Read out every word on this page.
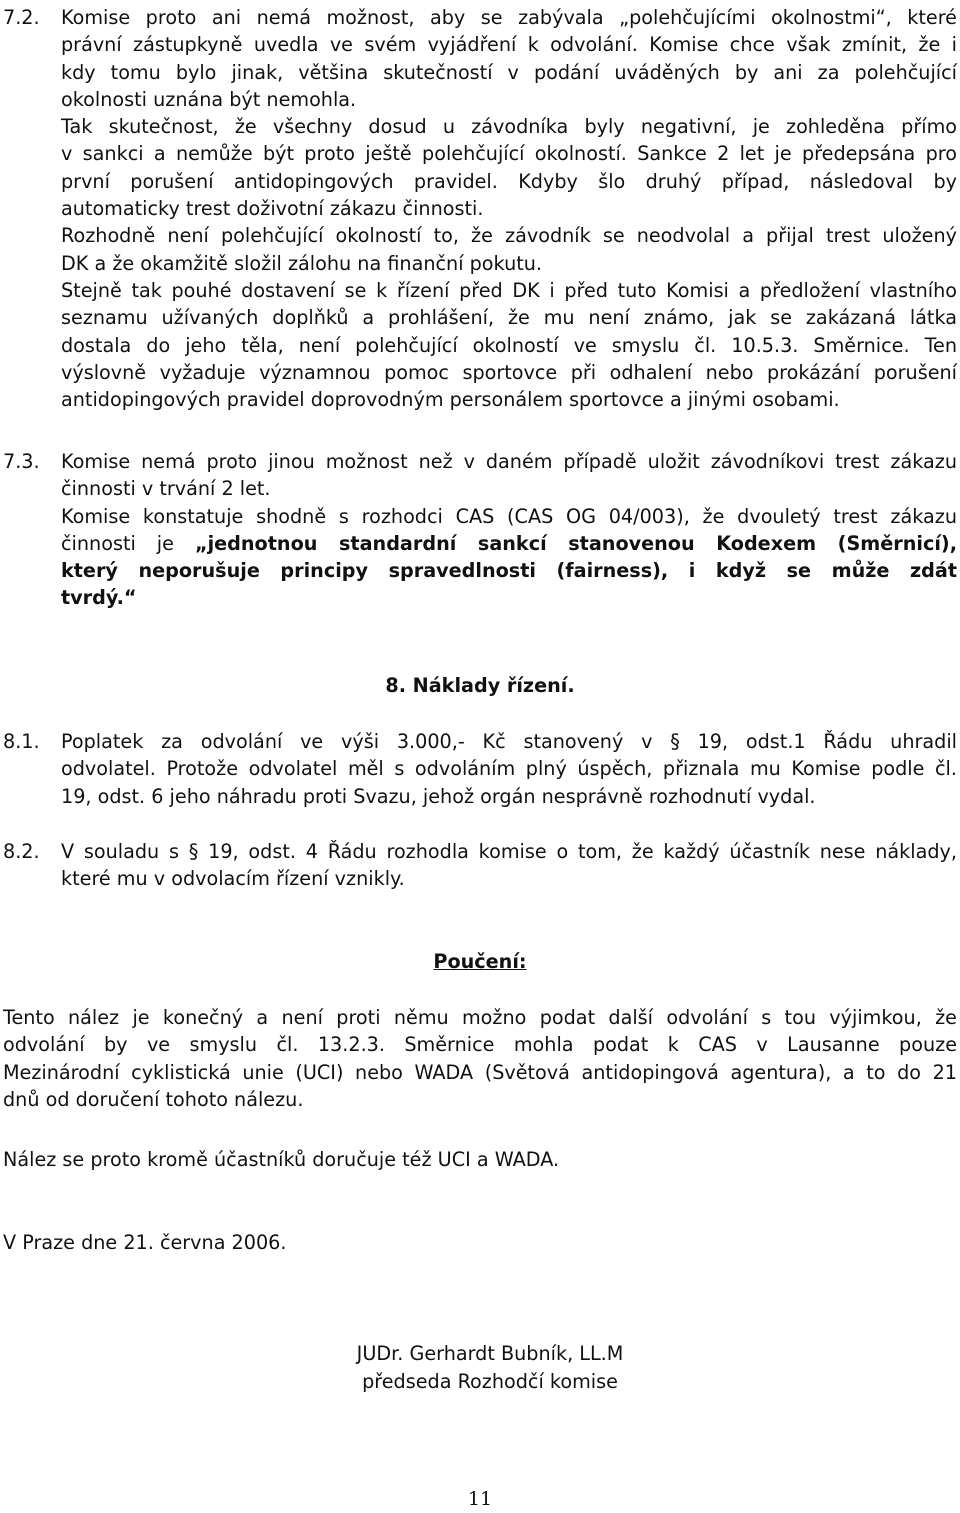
7.2. Komise proto ani nemá možnost, aby se zabývala „polehčujícími okolnostmi“, které
právní zástupkyně uvedla ve svém vyjádření k odvolání. Komise chce však zmínit, že i
kdy tomu bylo jinak, většina skutečností v podání uváděných by ani za polehčující
okolnosti uznána být nemohla.
Tak skutečnost, že všechny dosud u závodníka byly negativní, je zohleděna přímo
v sankci a nemůže být proto ještě polehčující okolností. Sankce 2 let je předepsána pro
první porušení antidopingových pravidel. Kdyby šlo druhý případ, následoval by
automaticky trest doživotní zákazu činnosti.
Rozhodně není polehčující okolností to, že závodník se neodvolal a přijal trest uložený
DK a že okamžitě složil zálohu na finanční pokutu.
Stejně tak pouhé dostavení se k řízení před DK i před tuto Komisi a předložení vlastního
seznamu užívaných doplňků a prohlášení, že mu není známo, jak se zakázaná látka
dostala do jeho těla, není polehčující okolností ve smyslu čl. 10.5.3. Směrnice. Ten
výslovně vyžaduje významnou pomoc sportovce při odhalení nebo prokázání porušení
antidopingových pravidel doprovodným personálem sportovce a jinými osobami.
7.3. Komise nemá proto jinou možnost než v daném případě uložit závodníkovi trest zákazu
činnosti v trvání 2 let.
Komise konstatuje shodně s rozhodci CAS (CAS OG 04/003), že dvouletý trest zákazu
činnosti je „jednotnou standardní sankcí stanovenou Kodexem (Směrnicí),
který neporušuje principy spravedlnosti (fairness), i když se může zdát
tvrdý.“
8. Náklady řízení.
8.1. Poplatek za odvolání ve výši 3.000,- Kč stanovený v § 19, odst.1 Řádu uhradil
odvolatel. Protože odvolatel měl s odvoláním plný úspěch, přiznala mu Komise podle čl.
19, odst. 6 jeho náhradu proti Svazu, jehož orgán nesprávně rozhodnutí vydal.
8.2. V souladu s § 19, odst. 4 Řádu rozhodla komise o tom, že každý účastník nese náklady,
které mu v odvolacím řízení vznikly.
Poučení:
Tento nález je konečný a není proti němu možno podat další odvolání s tou výjimkou, že
odvolání by ve smyslu čl. 13.2.3. Směrnice mohla podat k CAS v Lausanne pouze
Mezinárodní cyklistická unie (UCI) nebo WADA (Světová antidopingová agentura), a to do 21
dnů od doručení tohoto nálezu.
Nález se proto kromě účastníků doručuje též UCI a WADA.
V Praze dne 21. června 2006.
JUDr. Gerhardt Bubník, LL.M
předseda Rozhodčí komise
11
